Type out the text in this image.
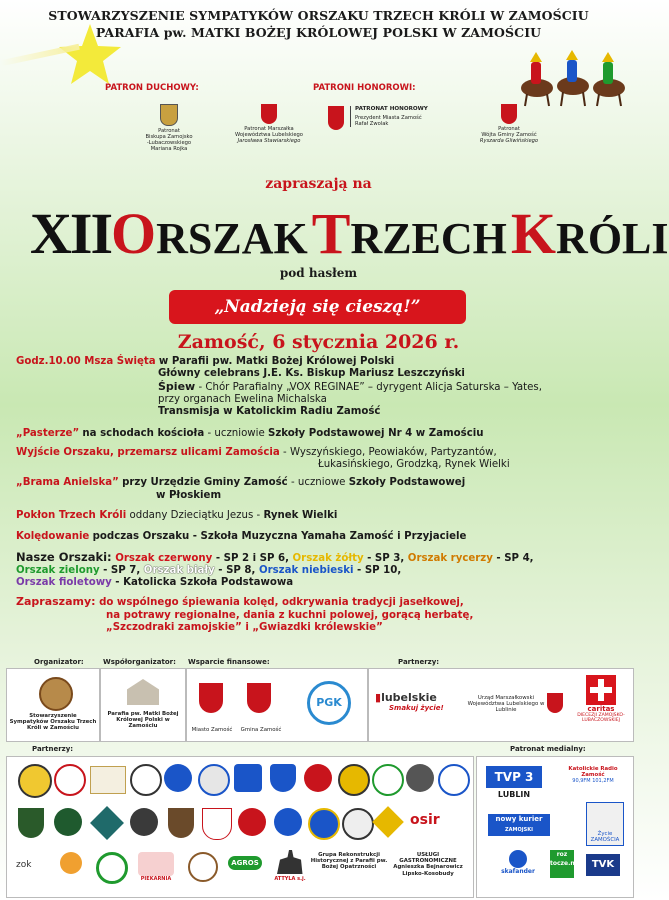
STOWARZYSZENIE SYMPATYKÓW ORSZAKU TRZECH KRÓLI W ZAMOŚCIU
PARAFIA pw. MATKI BOŻEJ KRÓLOWEJ POLSKI W ZAMOŚCIU
PATRON DUCHOWY:	PATRONI HONOROWI:
Patronat
Biskupa Zamojsko
-Lubaczowskiego
Mariana Rojka
Patronat Marszałka
Województwa Lubelskiego
Jarosława Stawiarskiego
PATRONAT HONOROWY
Prezydent Miasta Zamość
Rafał Zwolak
Patronat
Wójta Gminy Zamość
Ryszarda Gliwińskiego
zapraszają na
XIIORSZAK TRZECH KRÓLI
pod hasłem
„Nadzieją się cieszą!”
Zamość, 6 stycznia 2026 r.
Godz.10.00 Msza Święta w Parafii pw. Matki Bożej Królowej Polski
Główny celebrans J.E. Ks. Biskup Mariusz Leszczyński
Śpiew - Chór Parafialny „VOX REGINAE” – dyrygent Alicja Saturska – Yates,
przy organach Ewelina Michalska
Transmisja w Katolickim Radiu Zamość
„Pasterze” na schodach kościoła - uczniowie Szkoły Podstawowej Nr 4 w Zamościu
Wyjście Orszaku, przemarsz ulicami Zamościa - Wyszyńskiego, Peowiaków, Partyzantów,
Łukasińskiego, Grodzką, Rynek Wielki
„Brama Anielska” przy Urzędzie Gminy Zamość - uczniowe Szkoły Podstawowej
w Płoskiem
Pokłon Trzech Króli oddany Dzieciątku Jezus - Rynek Wielki
Kolędowanie podczas Orszaku - Szkoła Muzyczna Yamaha Zamość i Przyjaciele
Nasze Orszaki: Orszak czerwony - SP 2 i SP 6, Orszak żółty - SP 3, Orszak rycerzy - SP 4,
Orszak zielony - SP 7, Orszak biały - SP 8, Orszak niebieski - SP 10,
Orszak fioletowy - Katolicka Szkoła Podstawowa
Zapraszamy: do wspólnego śpiewania kolęd, odkrywania tradycji jasełkowej,
na potrawy regionalne, dania z kuchni polowej, gorącą herbatę,
„Szczodraki zamojskie” i „Gwiazdki królewskie”
Organizator:	Współorganizator: Wsparcie finansowe:	Partnerzy:
Stowarzyszenie Sympatyków Orszaku Trzech Króli w Zamościu
Parafia pw. Matki Bożej Królowej Polski w Zamościu
Miasto Zamość	Gmina Zamość
PGK	▮lubelskie
Smakuj życie!
Urząd Marszałkowski Województwa Lubelskiego w Lublinie	caritas
DIECEZJI ZAMOJSKO-LUBACZOWSKIEJ
Partnerzy:	Patronat medialny:
osir
zok
PIEKARNIA
AGROS
ATTYLA s.j.
Grupa Rekonstrukcji Historycznej z Parafii pw. Bożej Opatrzności
USŁUGI GASTRONOMICZNE Agnieszka Bejnarowicz Lipsko-Kosobudy
TVP 3
LUBLIN
Katolickie Radio Zamość
90,9FM 101,2FM
nowy kurier
ZAMOJSKI
Życie ZAMOŚCIA
skafander
roz tocze.net	TVK
